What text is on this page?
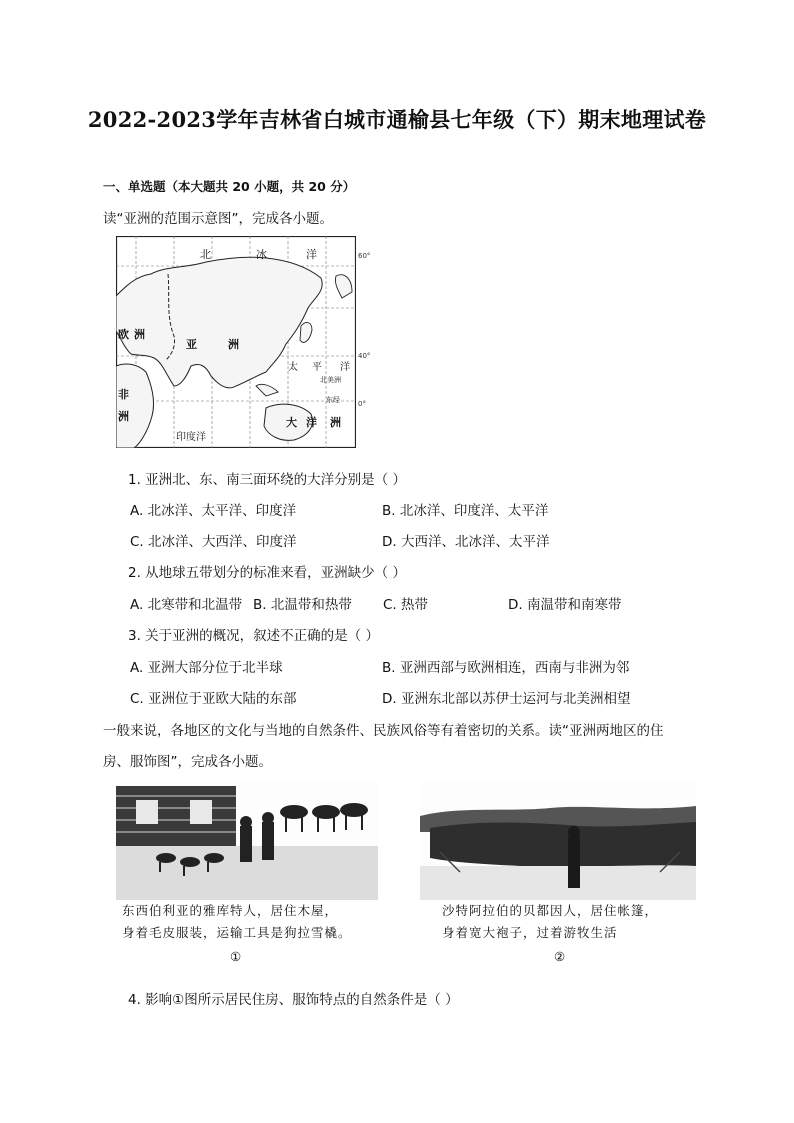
2022-2023学年吉林省白城市通榆县七年级（下）期末地理试卷
一、单选题（本大题共 20 小题，共 20 分）
读“亚洲的范围示意图”，完成各小题。
北	冰	洋
欧 洲
亚	洲
太 平 洋
非
洲
印度洋
大 洋 洲
北美洲
东经
60°
40°
0°
1. 亚洲北、东、南三面环绕的大洋分别是（ ）
A. 北冰洋、太平洋、印度洋	B. 北冰洋、印度洋、太平洋
C. 北冰洋、大西洋、印度洋	D. 大西洋、北冰洋、太平洋
2. 从地球五带划分的标准来看，亚洲缺少（ ）
A. 北寒带和北温带 B. 北温带和热带 C. 热带	D. 南温带和南寒带
3. 关于亚洲的概况，叙述不正确的是（ ）
A. 亚洲大部分位于北半球	B. 亚洲西部与欧洲相连，西南与非洲为邻
C. 亚洲位于亚欧大陆的东部	D. 亚洲东北部以苏伊士运河与北美洲相望
一般来说，各地区的文化与当地的自然条件、民族风俗等有着密切的关系。读“亚洲两地区的住
房、服饰图”，完成各小题。
东西伯利亚的雅库特人，居住木屋，
身着毛皮服装，运输工具是狗拉雪橇。
①
沙特阿拉伯的贝都因人，居住帐篷，
身着宽大袍子，过着游牧生活
②
4. 影响①图所示居民住房、服饰特点的自然条件是（ ）
